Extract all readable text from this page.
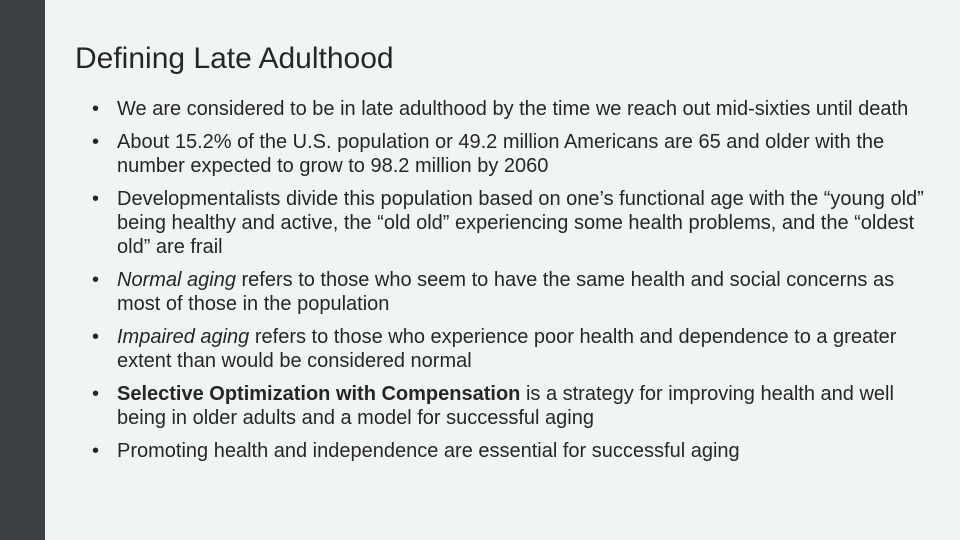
Defining Late Adulthood
• We are considered to be in late adulthood by the time we reach out mid-sixties until death
• About 15.2% of the U.S. population or 49.2 million Americans are 65 and older with the number expected to grow to 98.2 million by 2060
• Developmentalists divide this population based on one’s functional age with the “young old” being healthy and active, the “old old” experiencing some health problems, and the “oldest old” are frail
• Normal aging refers to those who seem to have the same health and social concerns as most of those in the population
• Impaired aging refers to those who experience poor health and dependence to a greater extent than would be considered normal
• Selective Optimization with Compensation is a strategy for improving health and well being in older adults and a model for successful aging
• Promoting health and independence are essential for successful aging
